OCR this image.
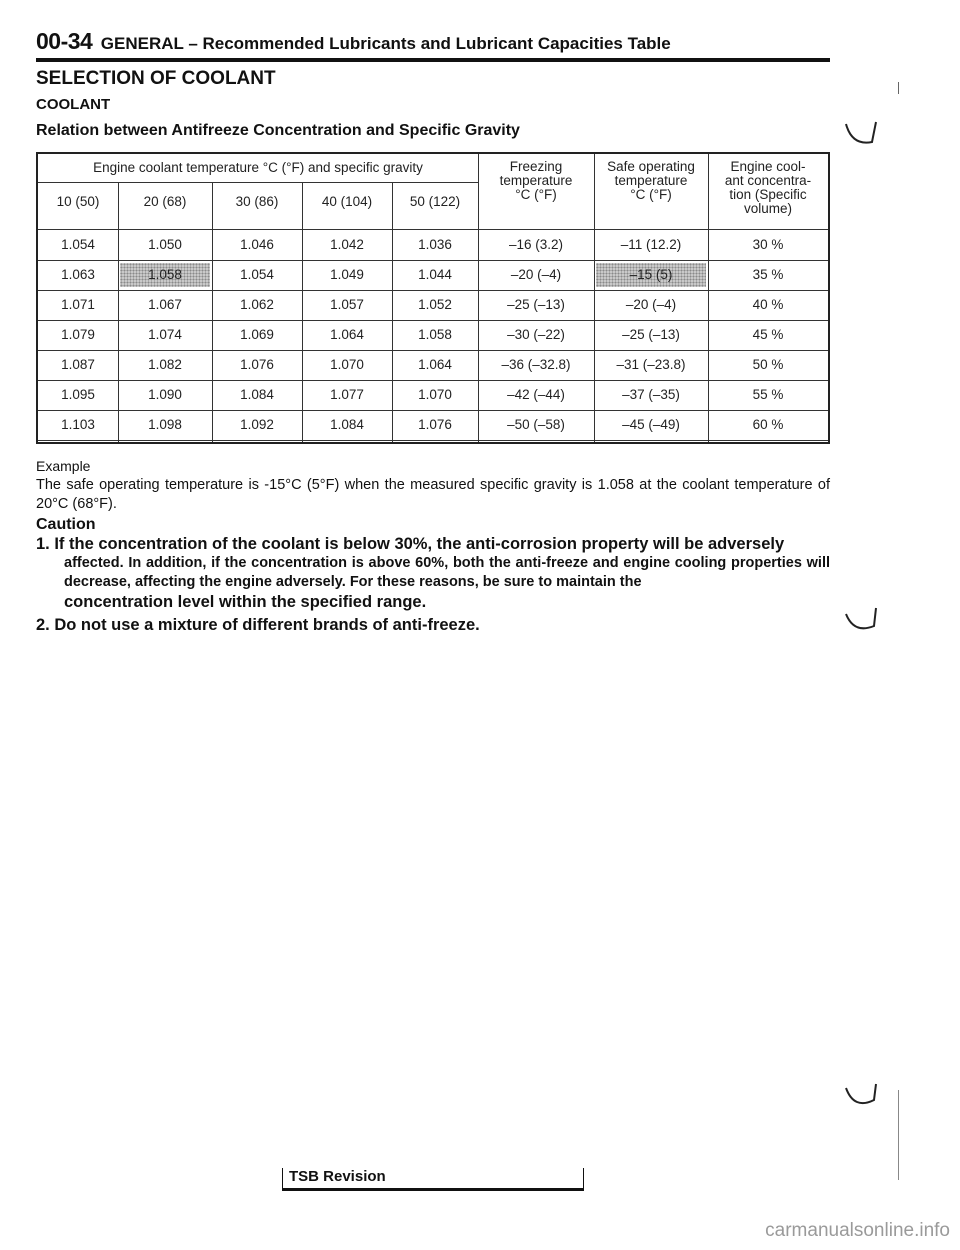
00-34 GENERAL – Recommended Lubricants and Lubricant Capacities Table
SELECTION OF COOLANT
COOLANT
Relation between Antifreeze Concentration and Specific Gravity
Engine coolant temperature °C (°F) and specific gravity
10 (50)	20 (68)	30 (86)	40 (104)	50 (122)
Freezing
temperature
°C (°F)
Safe operating
temperature
°C (°F)
Engine cool-
ant concentra-
tion (Specific
volume)
1.054	1.050	1.046	1.042	1.036	–16 (3.2)	–11 (12.2)	30 %
1.063	1.058	1.054	1.049	1.044	–20 (–4)	–15 (5)	35 %
1.071	1.067	1.062	1.057	1.052	–25 (–13)	–20 (–4)	40 %
1.079	1.074	1.069	1.064	1.058	–30 (–22)	–25 (–13)	45 %
1.087	1.082	1.076	1.070	1.064	–36 (–32.8)	–31 (–23.8)	50 %
1.095	1.090	1.084	1.077	1.070	–42 (–44)	–37 (–35)	55 %
1.103	1.098	1.092	1.084	1.076	–50 (–58)	–45 (–49)	60 %
Example
The safe operating temperature is -15°C (5°F) when the measured specific gravity is 1.058 at the coolant temperature of 20°C (68°F).
Caution
1. If the concentration of the coolant is below 30%, the anti-corrosion property will be adversely
affected. In addition, if the concentration is above 60%, both the anti-freeze and engine cooling properties will decrease, affecting the engine adversely. For these reasons, be sure to maintain the
concentration level within the specified range.
2. Do not use a mixture of different brands of anti-freeze.
TSB Revision
carmanualsonline.info
